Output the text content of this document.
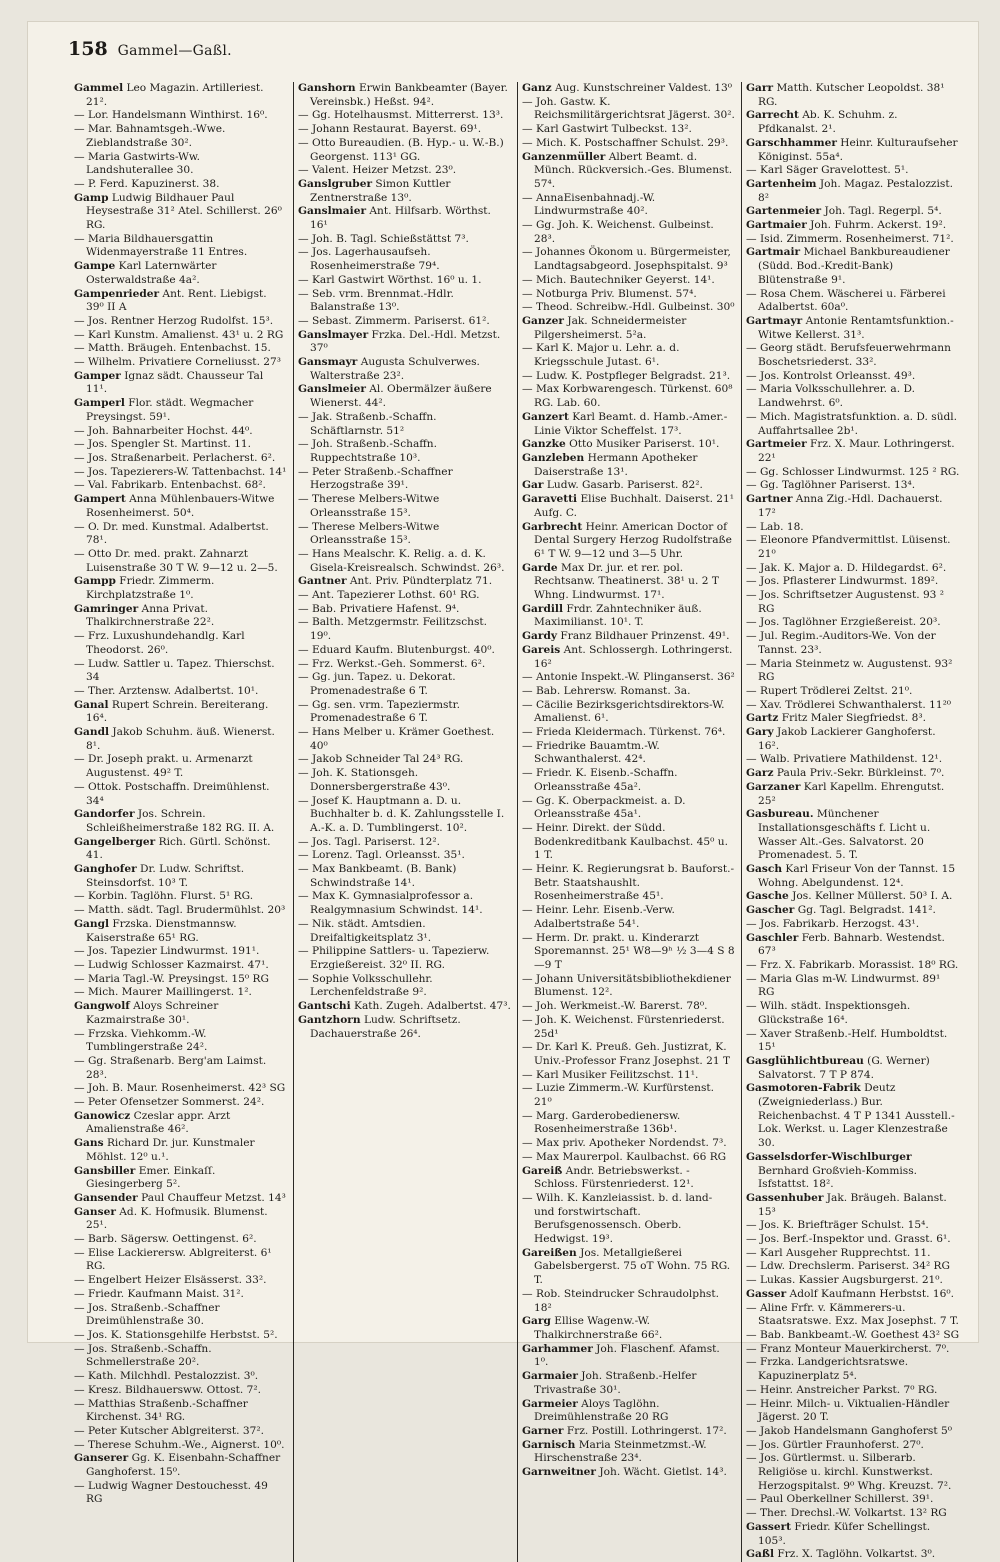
158 Gammel—Gaßl.
Gammel Leo Magazin. Artilleriest. 21².
— Lor. Handelsmann Winthirst. 16⁰.
— Mar. Bahnamtsgeh.-Wwe. Zieblandstraße 30².
— Maria Gastwirts-Ww. Landshuterallee 30.
— P. Ferd. Kapuzinerst. 38.
Gamp Ludwig Bildhauer Paul Heysestraße 31² Atel. Schillerst. 26⁰ RG.
— Maria Bildhauersgattin Widenmayerstraße 11 Entres.
Gampe Karl Laternwärter Osterwaldstraße 4a².
Gampenrieder Ant. Rent. Liebigst. 39⁰ II A
— Jos. Rentner Herzog Rudolfst. 15³.
— Karl Kunstm. Amalienst. 43¹ u. 2 RG
— Matth. Bräugeh. Entenbachst. 15.
— Wilhelm. Privatiere Corneliusst. 27³
Gamper Ignaz sädt. Chausseur Tal 11¹.
Gamperl Flor. städt. Wegmacher Preysingst. 59¹.
— Joh. Bahnarbeiter Hochst. 44⁰.
— Jos. Spengler St. Martinst. 11.
— Jos. Straßenarbeit. Perlacherst. 6².
— Jos. Tapezierers-W. Tattenbachst. 14¹
— Val. Fabrikarb. Entenbachst. 68².
Gampert Anna Mühlenbauers-Witwe Rosenheimerst. 50⁴.
— O. Dr. med. Kunstmal. Adalbertst. 78¹.
— Otto Dr. med. prakt. Zahnarzt Luisenstraße 30 T W. 9—12 u. 2—5.
Gampp Friedr. Zimmerm. Kirchplatzstraße 1⁰.
Gamringer Anna Privat. Thalkirchnerstraße 22².
— Frz. Luxushundehandlg. Karl Theodorst. 26⁰.
— Ludw. Sattler u. Tapez. Thierschst. 34
— Ther. Arztensw. Adalbertst. 10¹.
Ganal Rupert Schrein. Bereiterang. 16⁴.
Gandl Jakob Schuhm. äuß. Wienerst. 8¹.
— Dr. Joseph prakt. u. Armenarzt Augustenst. 49² T.
— Ottok. Postschaffn. Dreimühlenst. 34⁴
Gandorfer Jos. Schrein. Schleißheimerstraße 182 RG. II. A.
Gangelberger Rich. Gürtl. Schönst. 41.
Ganghofer Dr. Ludw. Schriftst. Steinsdorfst. 10³ T.
— Korbin. Taglöhn. Flurst. 5¹ RG.
— Matth. sädt. Tagl. Brudermühlst. 20³
Gangl Frzska. Dienstmannsw. Kaiserstraße 65¹ RG.
— Jos. Tapezier Lindwurmst. 191¹.
— Ludwig Schlosser Kazmairst. 47¹.
— Maria Tagl.-W. Preysingst. 15⁰ RG
— Mich. Maurer Maillingerst. 1².
Gangwolf Aloys Schreiner Kazmairstraße 30¹.
— Frzska. Viehkomm.-W. Tumblingerstraße 24².
— Gg. Straßenarb. Berg'am Laimst. 28³.
— Joh. B. Maur. Rosenheimerst. 42³ SG
— Peter Ofensetzer Sommerst. 24².
Ganowicz Czeslar appr. Arzt Amalienstraße 46².
Gans Richard Dr. jur. Kunstmaler Möhlst. 12⁰ u.¹.
Gansbiller Emer. Einkaſſ. Giesingerberg 5².
Gansender Paul Chauffeur Metzst. 14³
Ganser Ad. K. Hofmusik. Blumenst. 25¹.
— Barb. Sägersw. Oettingenst. 6².
— Elise Lackierersw. Ablgreiterst. 6¹ RG.
— Engelbert Heizer Elsässerst. 33².
— Friedr. Kaufmann Maist. 31².
— Jos. Straßenb.-Schaffner Dreimühlenstraße 30.
— Jos. K. Stationsgehilfe Herbstst. 5².
— Jos. Straßenb.-Schaffn. Schmellerstraße 20².
— Kath. Milchhdl. Pestalozzist. 3⁰.
— Kresz. Bildhauersww. Ottost. 7².
— Matthias Straßenb.-Schaffner Kirchenst. 34¹ RG.
— Peter Kutscher Ablgreiterst. 37².
— Therese Schuhm.-We., Aignerst. 10⁰.
Ganserer Gg. K. Eisenbahn-Schaffner Ganghoferst. 15⁰.
— Ludwig Wagner Destouchesst. 49 RG
Ganshorn Erwin Bankbeamter (Bayer. Vereinsbk.) Heßst. 94².
— Gg. Hotelhausmst. Mitterrerst. 13³.
— Johann Restaurat. Bayerst. 69¹.
— Otto Bureaudien. (B. Hyp.- u. W.-B.) Georgenst. 113¹ GG.
— Valent. Heizer Metzst. 23⁰.
Ganslgruber Simon Kuttler Zentnerstraße 13⁰.
Ganslmaier Ant. Hilfsarb. Wörthst. 16¹
— Joh. B. Tagl. Schießstättst 7³.
— Jos. Lagerhausaufseh. Rosenheimerstraße 79⁴.
— Karl Gastwirt Wörthst. 16⁰ u. 1.
— Seb. vrm. Brennmat.-Hdlr. Balanstraße 13⁰.
— Sebast. Zimmerm. Pariserst. 61².
Ganslmayer Frzka. Del.-Hdl. Metzst. 37⁰
Gansmayr Augusta Schulverwes. Walterstraße 23².
Ganslmeier Al. Obermälzer äußere Wienerst. 44².
— Jak. Straßenb.-Schaffn. Schäftlarnstr. 51²
— Joh. Straßenb.-Schaffn. Ruppechtstraße 10³.
— Peter Straßenb.-Schaffner Herzogstraße 39¹.
— Therese Melbers-Witwe Orleansstraße 15³.
— Therese Melbers-Witwe Orleansstraße 15³.
— Hans Mealschr. K. Relig. a. d. K. Gisela-Kreisrealsch. Schwindst. 26³.
Gantner Ant. Priv. Pündterplatz 71.
— Ant. Tapezierer Lothst. 60¹ RG.
— Bab. Privatiere Hafenst. 9⁴.
— Balth. Metzgermstr. Feilitzschst. 19⁰.
— Eduard Kaufm. Blutenburgst. 40⁰.
— Frz. Werkst.-Geh. Sommerst. 6².
— Gg. jun. Tapez. u. Dekorat. Promenadestraße 6 T.
— Gg. sen. vrm. Tapeziermstr. Promenadestraße 6 T.
— Hans Melber u. Krämer Goethest. 40⁰
— Jakob Schneider Tal 24³ RG.
— Joh. K. Stationsgeh. Donnersbergerstraße 43⁰.
— Josef K. Hauptmann a. D. u. Buchhalter b. d. K. Zahlungsstelle I. A.-K. a. D. Tumblingerst. 10².
— Jos. Tagl. Pariserst. 12².
— Lorenz. Tagl. Orleansst. 35¹.
— Max Bankbeamt. (B. Bank) Schwindstraße 14¹.
— Max K. Gymnasialprofessor a. Realgymnasium Schwindst. 14¹.
— Nik. städt. Amtsdien. Dreifaltigkeitsplatz 3¹.
— Philippine Sattlers- u. Tapezierw. Erzgießereist. 32⁰ II. RG.
— Sophie Volksschullehr. Lerchenfeldstraße 9².
Gantschi Kath. Zugeh. Adalbertst. 47³.
Gantzhorn Ludw. Schriftsetz. Dachauerstraße 26⁴.
Ganz Aug. Kunstschreiner Valdest. 13⁰
— Joh. Gastw. K. Reichsmilitärgerichtsrat Jägerst. 30².
— Karl Gastwirt Tulbeckst. 13².
— Mich. K. Postschaffner Schulst. 29³.
Ganzenmüller Albert Beamt. d. Münch. Rückversich.-Ges. Blumenst. 57⁴.
— AnnaEisenbahnadj.-W. Lindwurmstraße 40².
— Gg. Joh. K. Weichenst. Gulbeinst. 28³.
— Johannes Ökonom u. Bürgermeister, Landtagsabgeord. Josephspitalst. 9³
— Mich. Bautechniker Geyerst. 14¹.
— Notburga Priv. Blumenst. 57⁴.
— Theod. Schreibw.-Hdl. Gulbeinst. 30⁰
Ganzer Jak. Schneidermeister Pilgersheimerst. 5²a.
— Karl K. Major u. Lehr. a. d. Kriegsschule Jutast. 6¹.
— Ludw. K. Postpfleger Belgradst. 21³.
— Max Korbwarengesch. Türkenst. 60⁸ RG. Lab. 60.
Ganzert Karl Beamt. d. Hamb.-Amer.-Linie Viktor Scheffelst. 17³.
Ganzke Otto Musiker Pariserst. 10¹.
Ganzleben Hermann Apotheker Daiserstraße 13¹.
Gar Ludw. Gasarb. Pariserst. 82².
Garavetti Elise Buchhalt. Daiserst. 21¹ Aufg. C.
Garbrecht Heinr. American Doctor of Dental Surgery Herzog Rudolfstraße 6¹ T W. 9—12 und 3—5 Uhr.
Garde Max Dr. jur. et rer. pol. Rechtsanw. Theatinerst. 38¹ u. 2 T Whng. Lindwurmst. 17¹.
Gardill Frdr. Zahntechniker äuß. Maximilianst. 10¹. T.
Gardy Franz Bildhauer Prinzenst. 49¹.
Gareis Ant. Schlossergh. Lothringerst. 16²
— Antonie Inspekt.-W. Plinganserst. 36²
— Bab. Lehrersw. Romanst. 3a.
— Cäcilie Bezirksgerichtsdirektors-W. Amalienst. 6¹.
— Frieda Kleidermach. Türkenst. 76⁴.
— Friedrike Bauamtm.-W. Schwanthalerst. 42⁴.
— Friedr. K. Eisenb.-Schaffn. Orleansstraße 45a².
— Gg. K. Oberpackmeist. a. D. Orleansstraße 45a¹.
— Heinr. Direkt. der Südd. Bodenkreditbank Kaulbachst. 45⁰ u. 1 T.
— Heinr. K. Regierungsrat b. Bauforst.-Betr. Staatshaushlt. Rosenheimerstraße 45¹.
— Heinr. Lehr. Eisenb.-Verw. Adalbertstraße 54¹.
— Herm. Dr. prakt. u. Kinderarzt Sporemannst. 25¹ W8—9ʰ ½ 3—4 S 8—9 T
— Johann Universitätsbibliothekdiener Blumenst. 12².
— Joh. Werkmeist.-W. Barerst. 78⁰.
— Joh. K. Weichenst. Fürstenriederst. 25d¹
— Dr. Karl K. Preuß. Geh. Justizrat, K. Univ.-Professor Franz Josephst. 21 T
— Karl Musiker Feilitzschst. 11¹.
— Luzie Zimmerm.-W. Kurfürstenst. 21⁰
— Marg. Garderobedienersw. Rosenheimerstraße 136b¹.
— Max priv. Apotheker Nordendst. 7³.
— Max Maurerpol. Kaulbachst. 66 RG
Gareiß Andr. Betriebswerkst. - Schloss. Fürstenriederst. 12¹.
— Wilh. K. Kanzleiassist. b. d. land- und forstwirtschaft. Berufsgenossensch. Oberb. Hedwigst. 19³.
Gareißen Jos. Metallgießerei Gabelsbergerst. 75 oT Wohn. 75 RG. T.
— Rob. Steindrucker Schraudolphst. 18²
Garg Ellise Wagenw.-W. Thalkirchnerstraße 66².
Garhammer Joh. Flaschenf. Afamst. 1⁰.
Garmaier Joh. Straßenb.-Helfer Trivastraße 30¹.
Garmeier Aloys Taglöhn. Dreimühlenstraße 20 RG
Garner Frz. Postill. Lothringerst. 17².
Garnisch Maria Steinmetzmst.-W. Hirschenstraße 23⁴.
Garnweitner Joh. Wächt. Gietlst. 14³.
Garr Matth. Kutscher Leopoldst. 38¹ RG.
Garrecht Ab. K. Schuhm. z. Pfdkanalst. 2¹.
Garschhammer Heinr. Kulturaufseher Königinst. 55a⁴.
— Karl Säger Gravelottest. 5¹.
Gartenheim Joh. Magaz. Pestalozzist. 8²
Gartenmeier Joh. Tagl. Regerpl. 5⁴.
Gartmaier Joh. Fuhrm. Ackerst. 19².
— Isid. Zimmerm. Rosenheimerst. 71².
Gartmair Michael Bankbureaudiener (Südd. Bod.-Kredit-Bank) Blütenstraße 9¹.
— Rosa Chem. Wäscherei u. Färberei Adalbertst. 60a⁰.
Gartmayr Antonie Rentamtsfunktion.-Witwe Kellerst. 31³.
— Georg städt. Berufsfeuerwehrmann Boschetsriederst. 33².
— Jos. Kontrolst Orleansst. 49³.
— Maria Volksschullehrer. a. D. Landwehrst. 6⁰.
— Mich. Magistratsfunktion. a. D. südl. Auffahrtsallee 2b¹.
Gartmeier Frz. X. Maur. Lothringerst. 22¹
— Gg. Schlosser Lindwurmst. 125 ² RG.
— Gg. Taglöhner Pariserst. 13⁴.
Gartner Anna Zig.-Hdl. Dachauerst. 17²
— Lab. 18.
— Eleonore Pfandvermittlst. Lüisenst. 21⁰
— Jak. K. Major a. D. Hildegardst. 6².
— Jos. Pflasterer Lindwurmst. 189².
— Jos. Schriftsetzer Augustenst. 93 ² RG
— Jos. Taglöhner Erzgießereist. 20³.
— Jul. Regim.-Auditors-We. Von der Tannst. 23³.
— Maria Steinmetz w. Augustenst. 93² RG
— Rupert Trödlerei Zeltst. 21⁰.
— Xav. Trödlerei Schwanthalerst. 11²⁰
Gartz Fritz Maler Siegfriedst. 8³.
Gary Jakob Lackierer Ganghoferst. 16².
— Walb. Privatiere Mathildenst. 12¹.
Garz Paula Priv.-Sekr. Bürkleinst. 7⁰.
Garzaner Karl Kapellm. Ehrengutst. 25²
Gasbureau. Münchener Installationsgeschäfts f. Licht u. Wasser Alt.-Ges. Salvatorst. 20 Promenadest. 5. T.
Gasch Karl Friseur Von der Tannst. 15 Wohng. Abelgundenst. 12⁴.
Gasche Jos. Kellner Müllerst. 50³ I. A.
Gascher Gg. Tagl. Belgradst. 141².
— Jos. Fabrikarb. Herzogst. 43¹.
Gaschler Ferb. Bahnarb. Westendst. 67³
— Frz. X. Fabrikarb. Morassist. 18⁰ RG.
— Maria Glas m-W. Lindwurmst. 89¹ RG
— Wilh. städt. Inspektionsgeh. Glückstraße 16⁴.
— Xaver Straßenb.-Helf. Humboldtst. 15¹
Gasglühlichtbureau (G. Werner) Salvatorst. 7 T P 874.
Gasmotoren-Fabrik Deutz (Zweigniederlass.) Bur. Reichenbachst. 4 T P 1341 Ausstell.-Lok. Werkst. u. Lager Klenzestraße 30.
Gasselsdorfer-Wischlburger Bernhard Großvieh-Kommiss. Isfstattst. 18².
Gassenhuber Jak. Bräugeh. Balanst. 15³
— Jos. K. Briefträger Schulst. 15⁴.
— Jos. Berf.-Inspektor und. Grasst. 6¹.
— Karl Ausgeher Rupprechtst. 11.
— Ldw. Drechslerm. Pariserst. 34² RG
— Lukas. Kassier Augsburgerst. 21⁰.
Gasser Adolf Kaufmann Herbstst. 16⁰.
— Aline Frfr. v. Kämmerers-u. Staatsratswe. Exz. Max Josephst. 7 T.
— Bab. Bankbeamt.-W. Goethest 43² SG
— Franz Monteur Mauerkircherst. 7⁰.
— Frzka. Landgerichtsratswe. Kapuzinerplatz 5⁴.
— Heinr. Anstreicher Parkst. 7⁰ RG.
— Heinr. Milch- u. Viktualien-Händler Jägerst. 20 T.
— Jakob Handelsmann Ganghoferst 5⁰
— Jos. Gürtler Fraunhoferst. 27⁰.
— Jos. Gürtlermst. u. Silberarb. Religiöse u. kirchl. Kunstwerkst. Herzogspitalst. 9⁰ Whg. Kreuzst. 7².
— Paul Oberkellner Schillerst. 39¹.
— Ther. Drechsl.-W. Volkartst. 13² RG
Gassert Friedr. Küfer Schellingst. 105³.
Gaßl Frz. X. Taglöhn. Volkartst. 3⁰.
